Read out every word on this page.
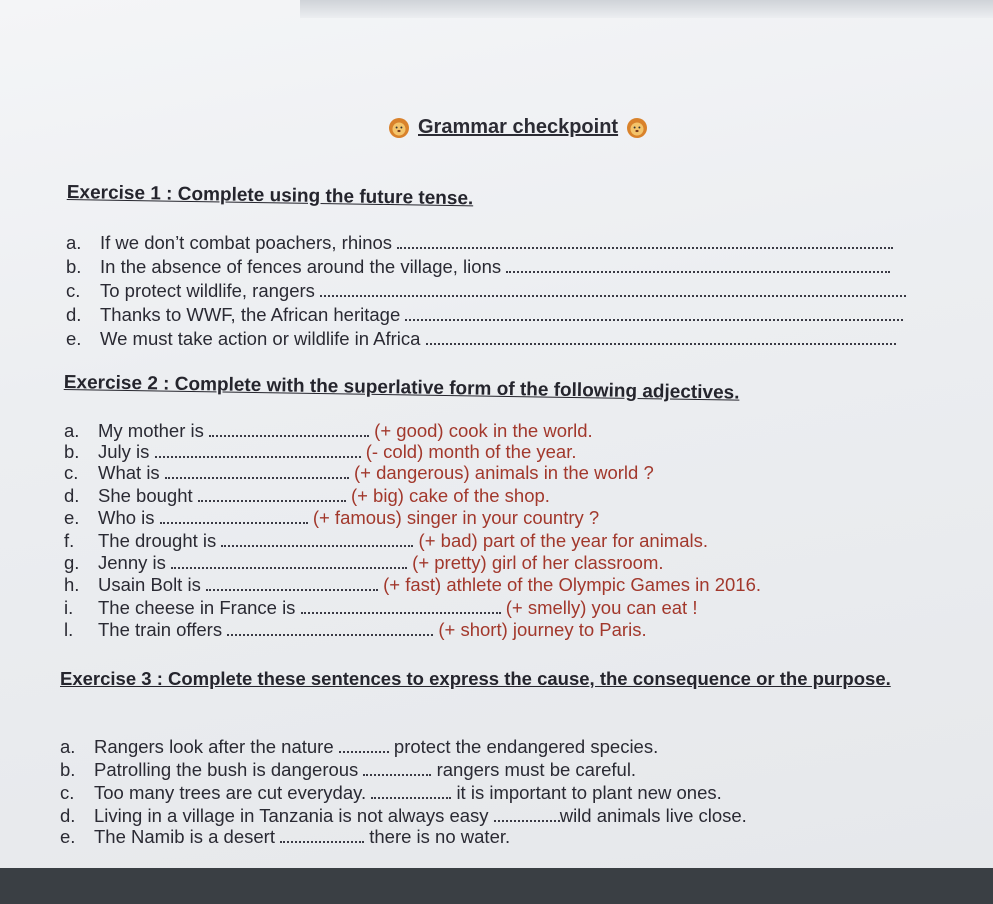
Grammar checkpoint
Exercise 1 : Complete using the future tense.
a. If we don’t combat poachers, rhinos
b. In the absence of fences around the village, lions
c. To protect wildlife, rangers
d. Thanks to WWF, the African heritage
e. We must take action or wildlife in Africa
Exercise 2 : Complete with the superlative form of the following adjectives.
a. My mother is	(+ good) cook in the world.
b. July is	(- cold) month of the year.
c. What is	(+ dangerous) animals in the world ?
d. She bought	(+ big) cake of the shop.
e. Who is	(+ famous) singer in your country ?
f. The drought is	(+ bad) part of the year for animals.
g. Jenny is	(+ pretty) girl of her classroom.
h. Usain Bolt is	(+ fast) athlete of the Olympic Games in 2016.
i. The cheese in France is	(+ smelly) you can eat !
l. The train offers	(+ short) journey to Paris.
Exercise 3 : Complete these sentences to express the cause, the consequence or the purpose.
a. Rangers look after the nature	protect the endangered species.
b. Patrolling the bush is dangerous	rangers must be careful.
c. Too many trees are cut everyday.	it is important to plant new ones.
d. Living in a village in Tanzania is not always easy	wild animals live close.
e. The Namib is a desert	there is no water.
